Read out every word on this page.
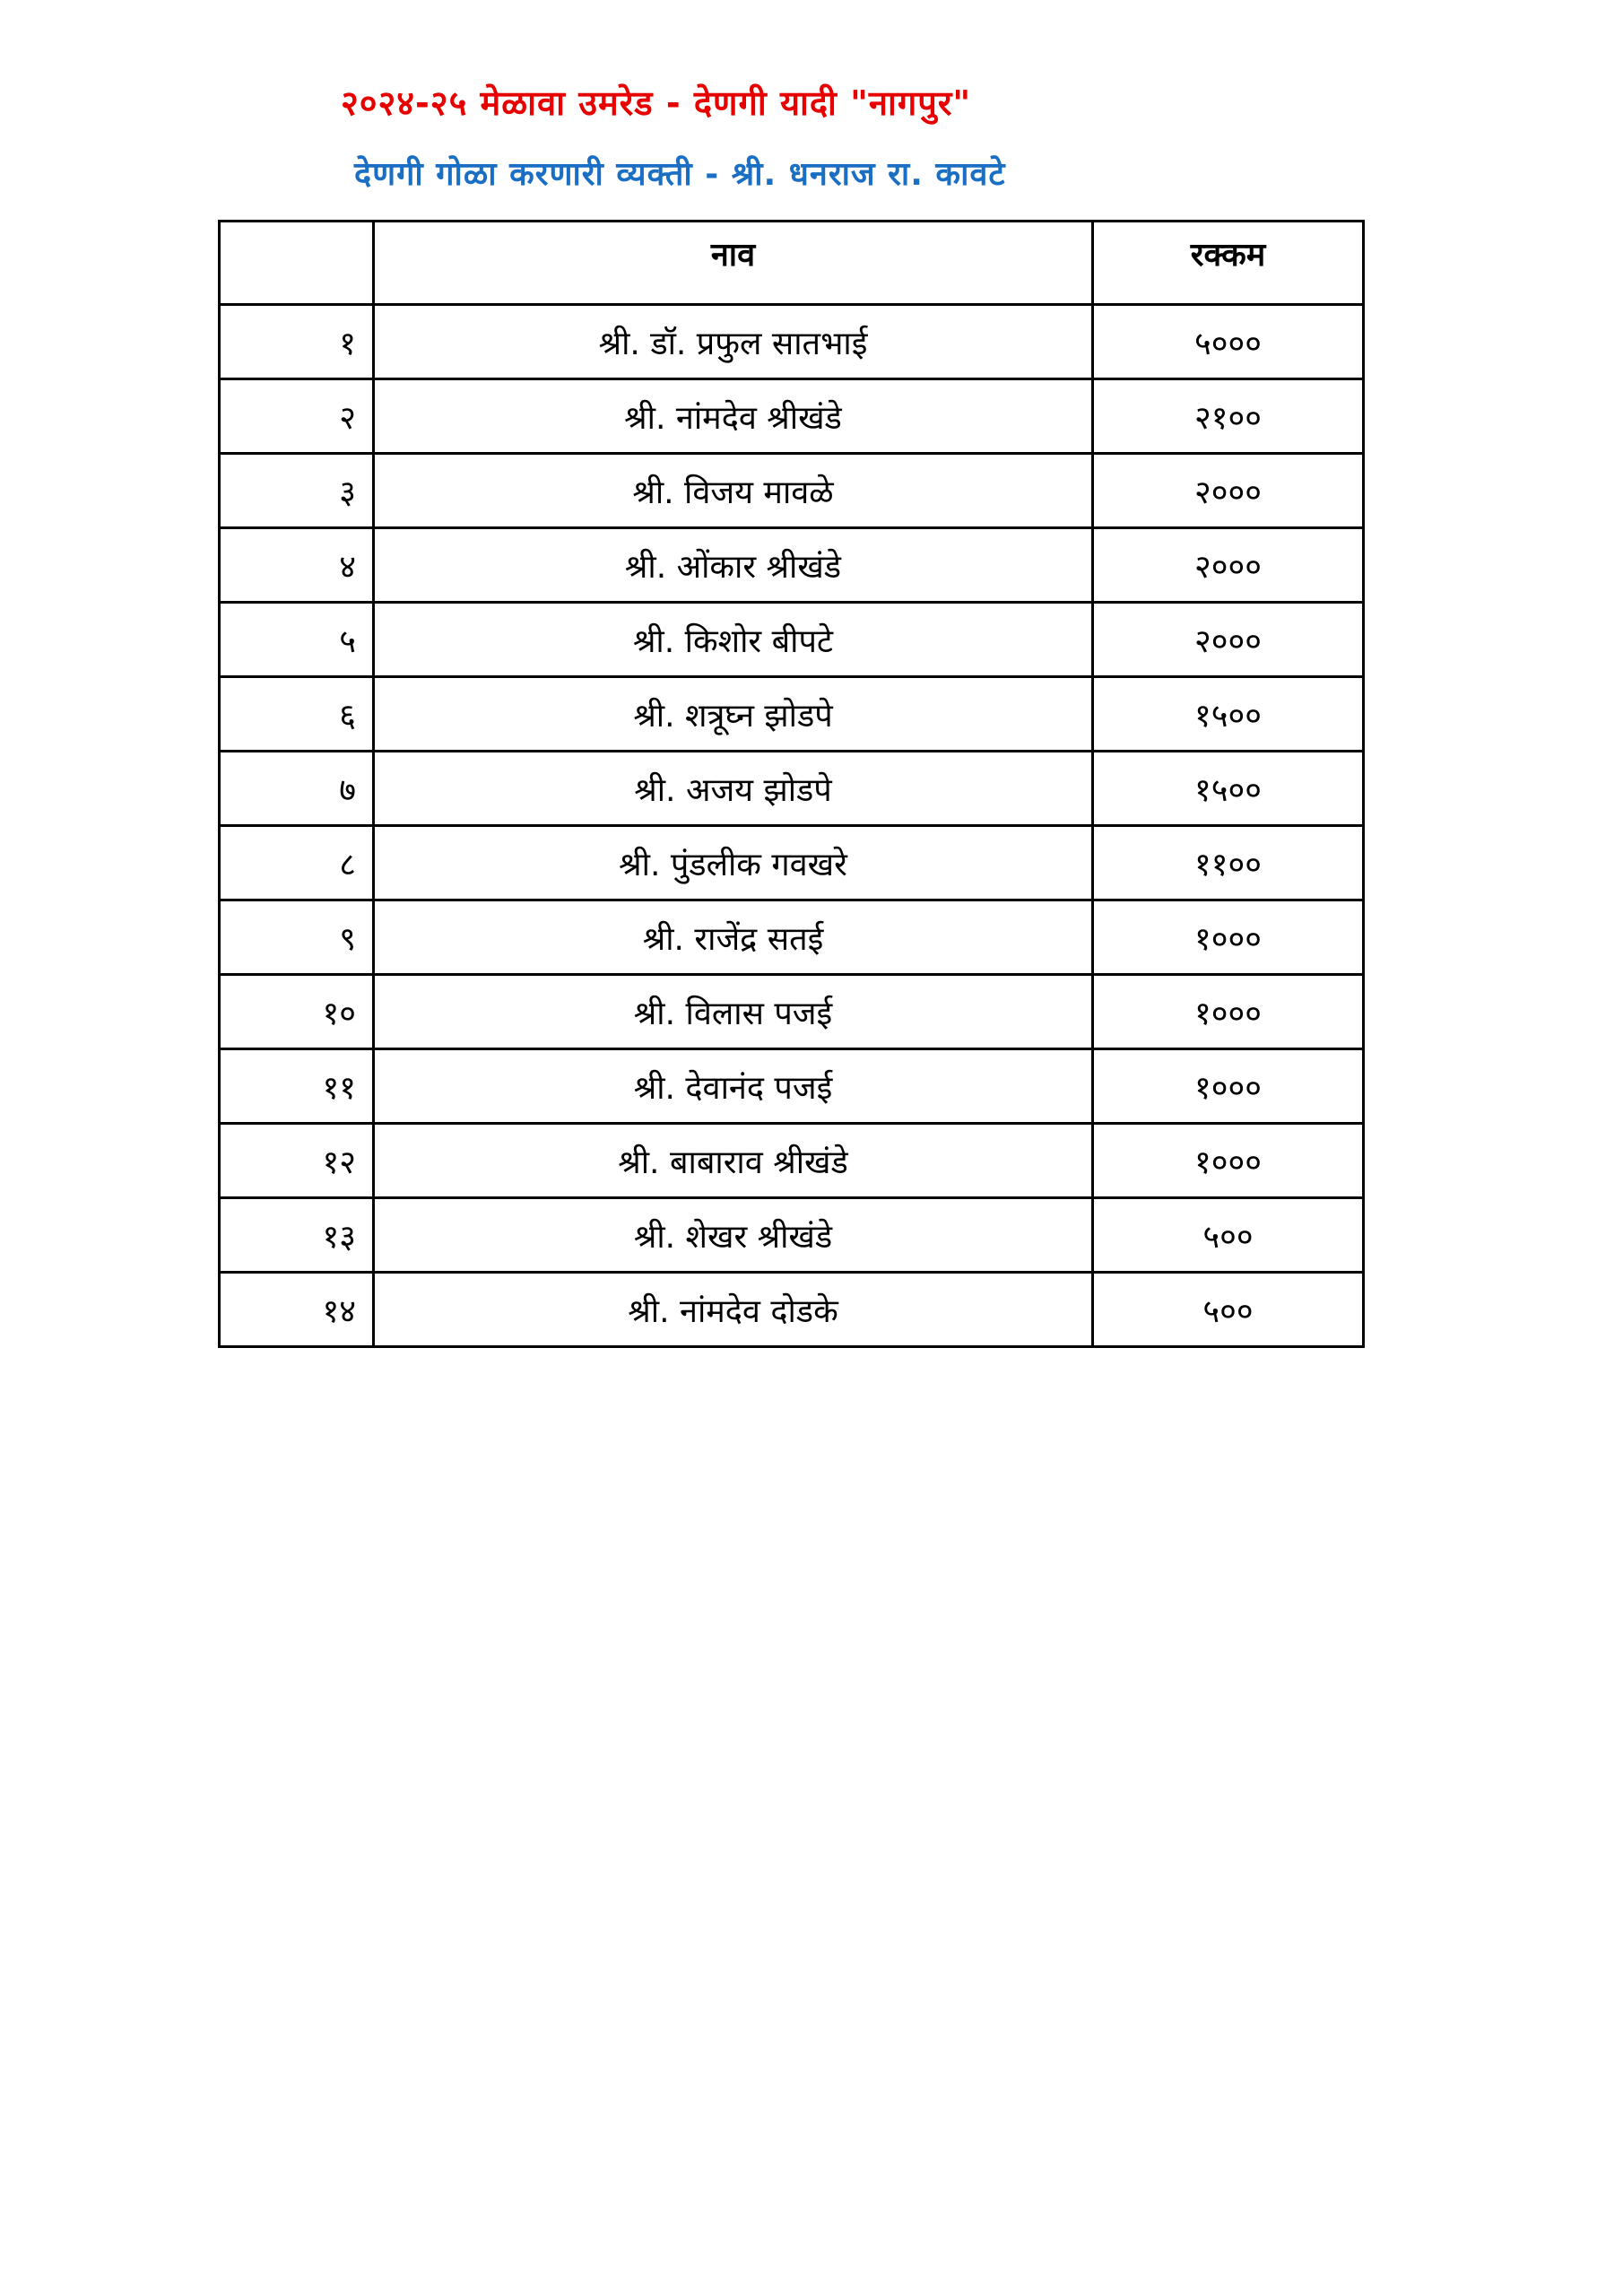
२०२४-२५ मेळावा उमरेड - देणगी यादी "नागपुर"
देणगी गोळा करणारी व्यक्ती - श्री. धनराज रा. कावटे
	नाव	रक्कम
१	श्री. डॉ. प्रफुल सातभाई	५०००
२	श्री. नांमदेव श्रीखंडे	२१००
३	श्री. विजय मावळे	२०००
४	श्री. ओंकार श्रीखंडे	२०००
५	श्री. किशोर बीपटे	२०००
६	श्री. शत्रूघ्न झोडपे	१५००
७	श्री. अजय झोडपे	१५००
८	श्री. पुंडलीक गवखरे	११००
९	श्री. राजेंद्र सतई	१०००
१०	श्री. विलास पजई	१०००
११	श्री. देवानंद पजई	१०००
१२	श्री. बाबाराव श्रीखंडे	१०००
१३	श्री. शेखर श्रीखंडे	५००
१४	श्री. नांमदेव दोडके	५००
